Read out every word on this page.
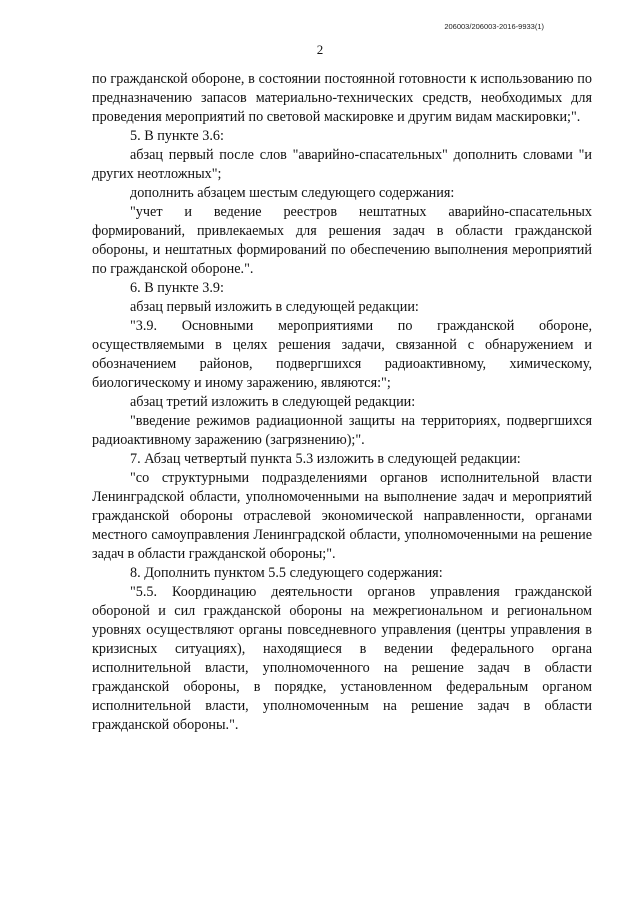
206003/206003-2016-9933(1)
2

по гражданской обороне, в состоянии постоянной готовности к использованию по предназначению запасов материально-технических средств, необходимых для проведения мероприятий по световой маскировке и другим видам маскировки;".

5. В пункте 3.6:

абзац первый после слов "аварийно-спасательных" дополнить словами "и других неотложных";

дополнить абзацем шестым следующего содержания:

"учет и ведение реестров нештатных аварийно-спасательных формирований, привлекаемых для решения задач в области гражданской обороны, и нештатных формирований по обеспечению выполнения мероприятий по гражданской обороне.".

6. В пункте 3.9:

абзац первый изложить в следующей редакции:

"3.9. Основными мероприятиями по гражданской обороне, осуществляемыми в целях решения задачи, связанной с обнаружением и обозначением районов, подвергшихся радиоактивному, химическому, биологическому и иному заражению, являются:";

абзац третий изложить в следующей редакции:

"введение режимов радиационной защиты на территориях, подвергшихся радиоактивному заражению (загрязнению);".

7. Абзац четвертый пункта 5.3 изложить в следующей редакции:

"со структурными подразделениями органов исполнительной власти Ленинградской области, уполномоченными на выполнение задач и мероприятий гражданской обороны отраслевой экономической направленности, органами местного самоуправления Ленинградской области, уполномоченными на решение задач в области гражданской обороны;".

8. Дополнить пунктом 5.5 следующего содержания:

"5.5. Координацию деятельности органов управления гражданской обороной и сил гражданской обороны на межрегиональном и региональном уровнях осуществляют органы повседневного управления (центры управления в кризисных ситуациях), находящиеся в ведении федерального органа исполнительной власти, уполномоченного на решение задач в области гражданской обороны, в порядке, установленном федеральным органом исполнительной власти, уполномоченным на решение задач в области гражданской обороны.".
